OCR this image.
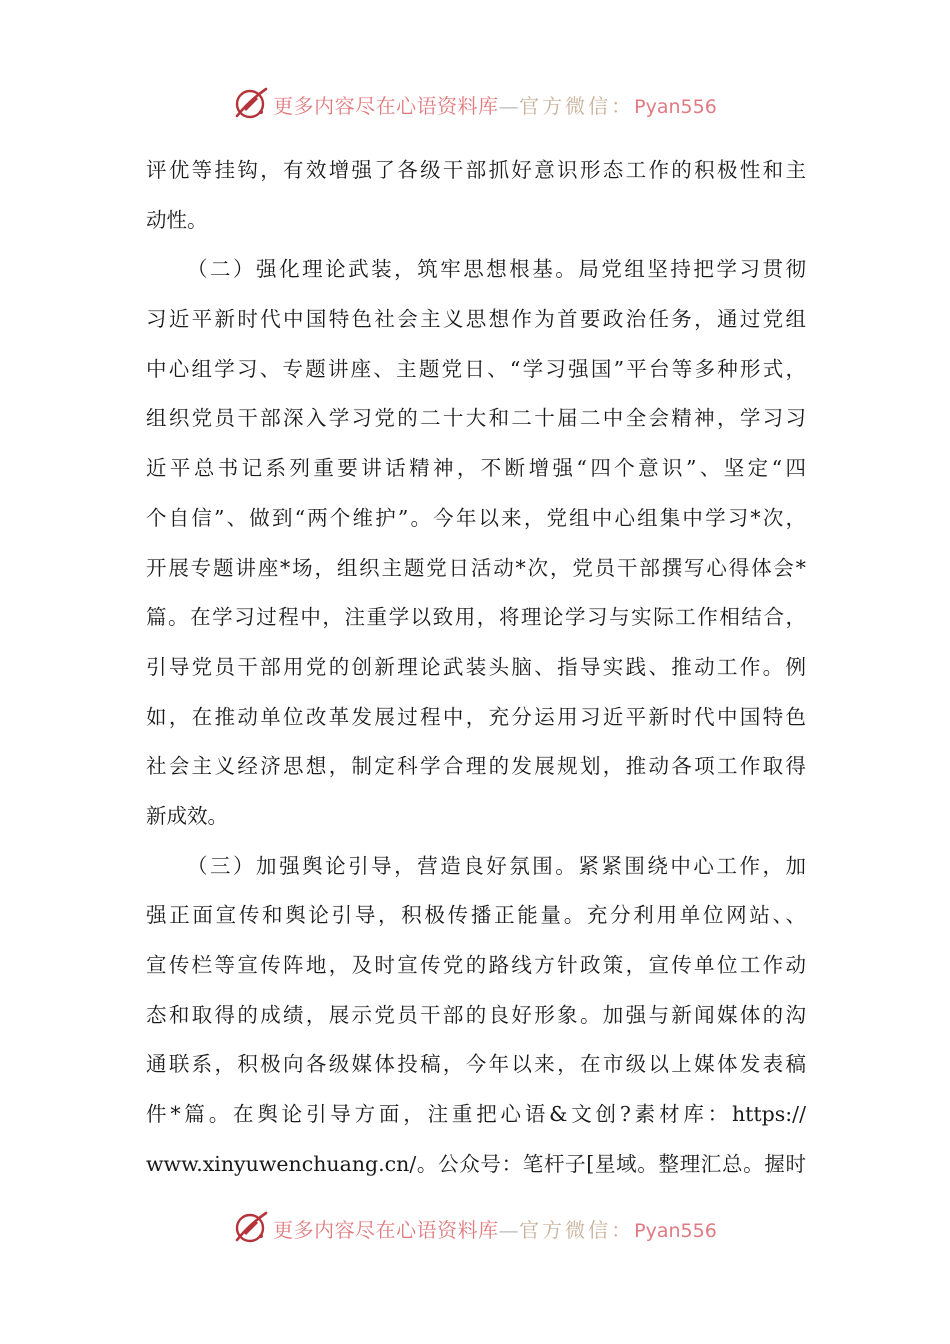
更多内容尽在心语资料库—官方微信：Pyan556
评优等挂钩，有效增强了各级干部抓好意识形态工作的积极性和主
动性。
（二）强化理论武装，筑牢思想根基。局党组坚持把学习贯彻
习近平新时代中国特色社会主义思想作为首要政治任务，通过党组
中心组学习、专题讲座、主题党日、“学习强国”平台等多种形式，
组织党员干部深入学习党的二十大和二十届二中全会精神，学习习
近平总书记系列重要讲话精神，不断增强“四个意识”、坚定“四
个自信”、做到“两个维护”。今年以来，党组中心组集中学习*次，
开展专题讲座*场，组织主题党日活动*次，党员干部撰写心得体会*
篇。在学习过程中，注重学以致用，将理论学习与实际工作相结合，
引导党员干部用党的创新理论武装头脑、指导实践、推动工作。例
如，在推动单位改革发展过程中，充分运用习近平新时代中国特色
社会主义经济思想，制定科学合理的发展规划，推动各项工作取得
新成效。
（三）加强舆论引导，营造良好氛围。紧紧围绕中心工作，加
强正面宣传和舆论引导，积极传播正能量。充分利用单位网站、、
宣传栏等宣传阵地，及时宣传党的路线方针政策，宣传单位工作动
态和取得的成绩，展示党员干部的良好形象。加强与新闻媒体的沟
通联系，积极向各级媒体投稿，今年以来，在市级以上媒体发表稿
件*篇。在舆论引导方面，注重把心语&文创?素材库：https://
www.xinyuwenchuang.cn/。公众号：笔杆子[星域。整理汇总。握时
更多内容尽在心语资料库—官方微信：Pyan556
